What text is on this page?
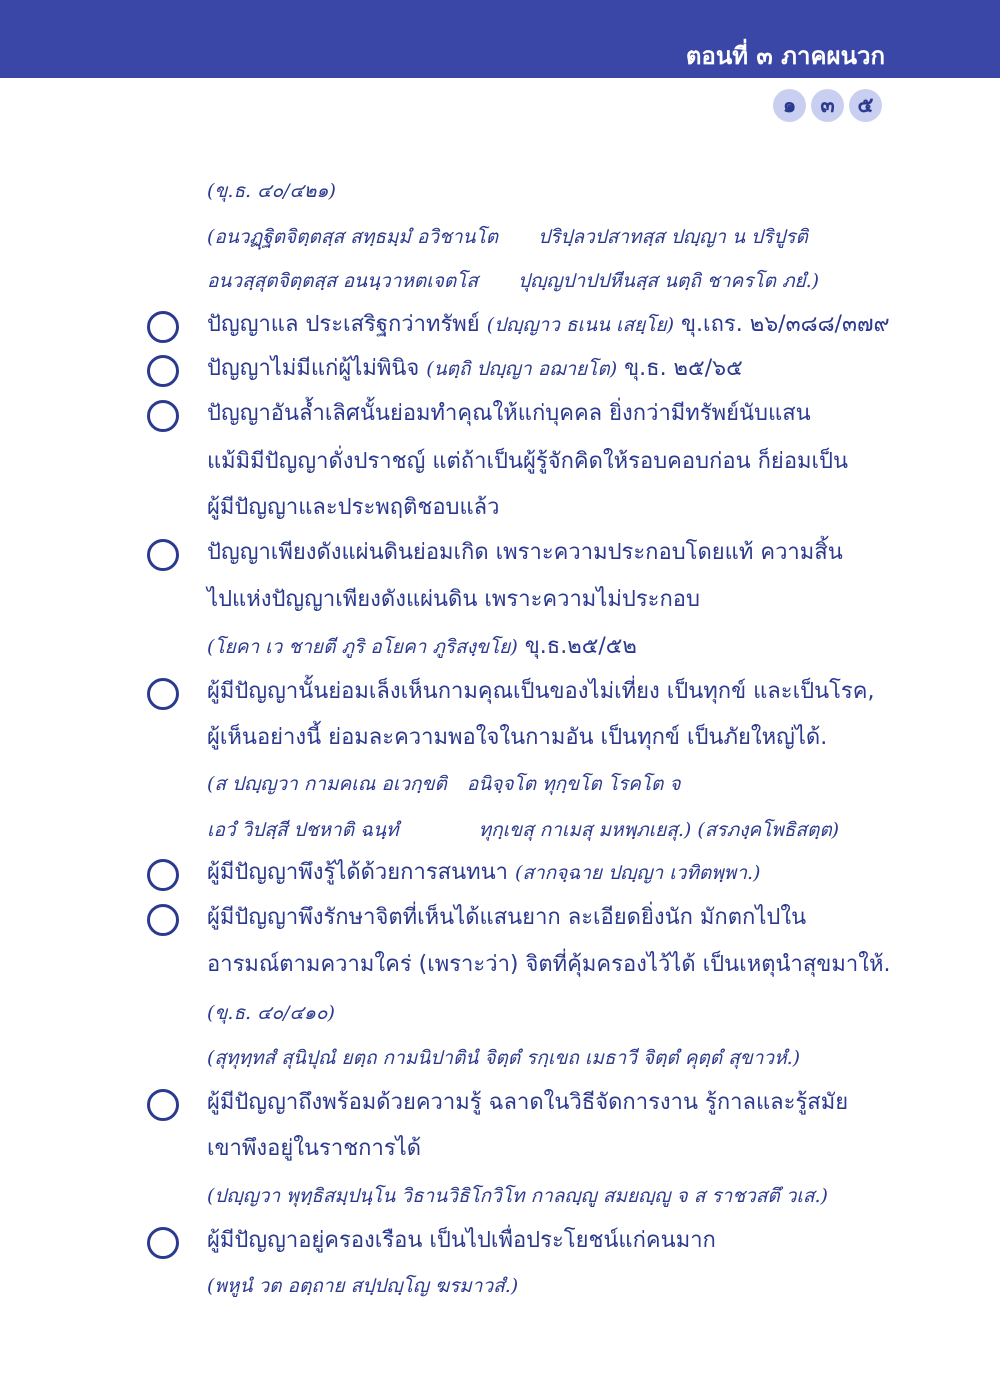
ตอนที่ ๓ ภาคผนวก
๑	๓	๕
(ขุ.ธ. ๔๐/๔๒๑)
(อนวฏฺฐิตจิตฺตสฺส สทฺธมฺมํ อวิชานโต ปริปฺลวปสาทสฺส ปญฺญา น ปริปูรติ
อนวสฺสุตจิตฺตสฺส อนนฺวาหตเจตโส ปุญฺญปาปปหีนสฺส นตฺถิ ชาครโต ภยํ.)
ปัญญาแล ประเสริฐกว่าทรัพย์ (ปญฺญาว ธเนน เสยฺโย) ขุ.เถร. ๒๖/๓๘๘/๓๗๙
ปัญญาไม่มีแก่ผู้ไม่พินิจ (นตฺถิ ปญฺญา อฌายโต) ขุ.ธ. ๒๕/๖๕
ปัญญาอันล้ำเลิศนั้นย่อมทำคุณให้แก่บุคคล ยิ่งกว่ามีทรัพย์นับแสน
แม้มิมีปัญญาดั่งปราชญ์ แต่ถ้าเป็นผู้รู้จักคิดให้รอบคอบก่อน ก็ย่อมเป็น
ผู้มีปัญญาและประพฤติชอบแล้ว
ปัญญาเพียงดังแผ่นดินย่อมเกิด เพราะความประกอบโดยแท้ ความสิ้น
ไปแห่งปัญญาเพียงดังแผ่นดิน เพราะความไม่ประกอบ
(โยคา เว ชายตี ภูริ อโยคา ภูริสงฺขโย) ขุ.ธ.๒๕/๕๒
ผู้มีปัญญานั้นย่อมเล็งเห็นกามคุณเป็นของไม่เที่ยง เป็นทุกข์ และเป็นโรค,
ผู้เห็นอย่างนี้ ย่อมละความพอใจในกามอัน เป็นทุกข์ เป็นภัยใหญ่ได้.
(ส ปญฺญวา กามคเณ อเวกฺขติ อนิจฺจโต ทุกฺขโต โรคโต จ
เอวํ วิปสฺสี ปชหาติ ฉนฺทํ	ทุกฺเขสุ กาเมสุ มหพฺภเยสุ.) (สรภงฺคโพธิสตฺต)
ผู้มีปัญญาพึงรู้ได้ด้วยการสนทนา (สากจฺฉาย ปญฺญา เวทิตพฺพา.)
ผู้มีปัญญาพึงรักษาจิตที่เห็นได้แสนยาก ละเอียดยิ่งนัก มักตกไปใน
อารมณ์ตามความใคร่ (เพราะว่า) จิตที่คุ้มครองไว้ได้ เป็นเหตุนำสุขมาให้.
(ขุ.ธ. ๔๐/๔๑๐)
(สุทุทฺทสํ สุนิปุณํ ยตฺถ กามนิปาตินํ จิตฺตํ รกฺเขถ เมธาวี จิตฺตํ คุตฺตํ สุขาวหํ.)
ผู้มีปัญญาถึงพร้อมด้วยความรู้ ฉลาดในวิธีจัดการงาน รู้กาลและรู้สมัย
เขาพึงอยู่ในราชการได้
(ปญฺญวา พุทฺธิสมฺปนฺโน วิธานวิธิโกวิโท กาลญฺญู สมยญฺญู จ ส ราชวสตึ วเส.)
ผู้มีปัญญาอยู่ครองเรือน เป็นไปเพื่อประโยชน์แก่คนมาก
(พหูนํ วต อตฺถาย สปฺปญฺโญ ฆรมาวสํ.)
